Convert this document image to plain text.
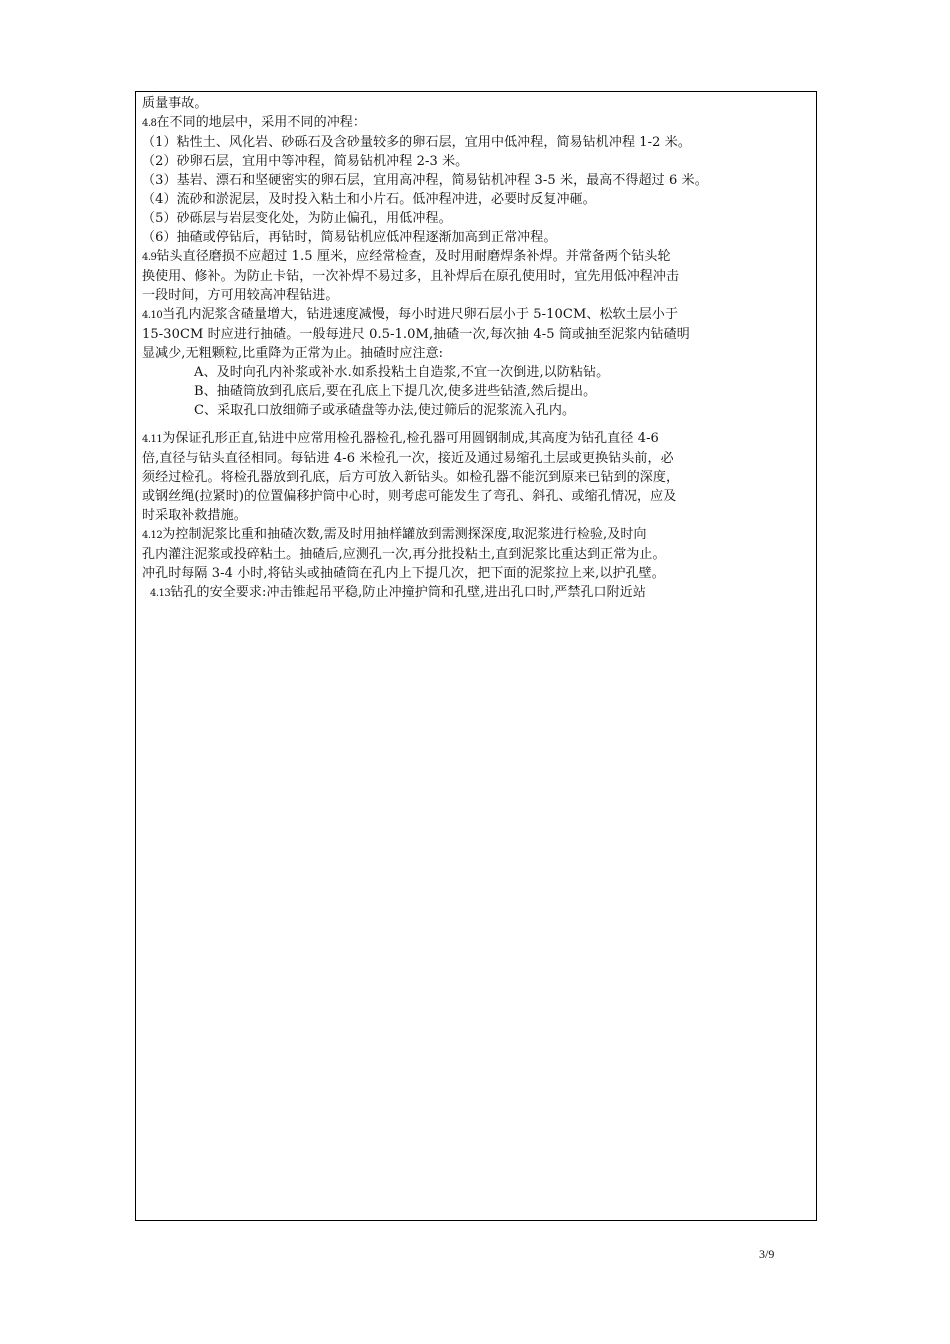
质量事故。
4.8在不同的地层中，采用不同的冲程：
（1）粘性土、风化岩、砂砾石及含砂量较多的卵石层，宜用中低冲程，简易钻机冲程 1-2 米。
（2）砂卵石层，宜用中等冲程，简易钻机冲程 2-3 米。
（3）基岩、漂石和坚硬密实的卵石层，宜用高冲程，简易钻机冲程 3-5 米，最高不得超过 6 米。
（4）流砂和淤泥层，及时投入粘土和小片石。低冲程冲进，必要时反复冲砸。
（5）砂砾层与岩层变化处，为防止偏孔，用低冲程。
（6）抽碴或停钻后，再钻时，简易钻机应低冲程逐渐加高到正常冲程。
4.9钻头直径磨损不应超过 1.5 厘米，应经常检查，及时用耐磨焊条补焊。并常备两个钻头轮
换使用、修补。为防止卡钻，一次补焊不易过多，且补焊后在原孔使用时，宜先用低冲程冲击
一段时间，方可用较高冲程钻进。
4.10当孔内泥浆含碴量增大，钻进速度减慢，每小时进尺卵石层小于 5-10CM、松软土层小于
15-30CM 时应进行抽碴。一般每进尺 0.5-1.0M,抽碴一次,每次抽 4-5 筒或抽至泥浆内钻碴明
显减少,无粗颗粒,比重降为正常为止。抽碴时应注意:
A、及时向孔内补浆或补水.如系投粘土自造浆,不宜一次倒进,以防粘钻。
B、抽碴筒放到孔底后,要在孔底上下提几次,使多进些钻渣,然后提出。
C、采取孔口放细筛子或承碴盘等办法,使过筛后的泥浆流入孔内。
4.11为保证孔形正直,钻进中应常用检孔器检孔,检孔器可用圆钢制成,其高度为钻孔直径 4-6
倍,直径与钻头直径相同。每钻进 4-6 米检孔一次，接近及通过易缩孔土层或更换钻头前，必
须经过检孔。将检孔器放到孔底，后方可放入新钻头。如检孔器不能沉到原来已钻到的深度，
或钢丝绳(拉紧时)的位置偏移护筒中心时，则考虑可能发生了弯孔、斜孔、或缩孔情况，应及
时采取补救措施。
4.12为控制泥浆比重和抽碴次数,需及时用抽样罐放到需测探深度,取泥浆进行检验,及时向
孔内灌注泥浆或投碎粘土。抽碴后,应测孔一次,再分批投粘土,直到泥浆比重达到正常为止。
冲孔时每隔 3-4 小时,将钻头或抽碴筒在孔内上下提几次，把下面的泥浆拉上来,以护孔壁。
4.13钻孔的安全要求:冲击锥起吊平稳,防止冲撞护筒和孔壁,进出孔口时,严禁孔口附近站
3/9
